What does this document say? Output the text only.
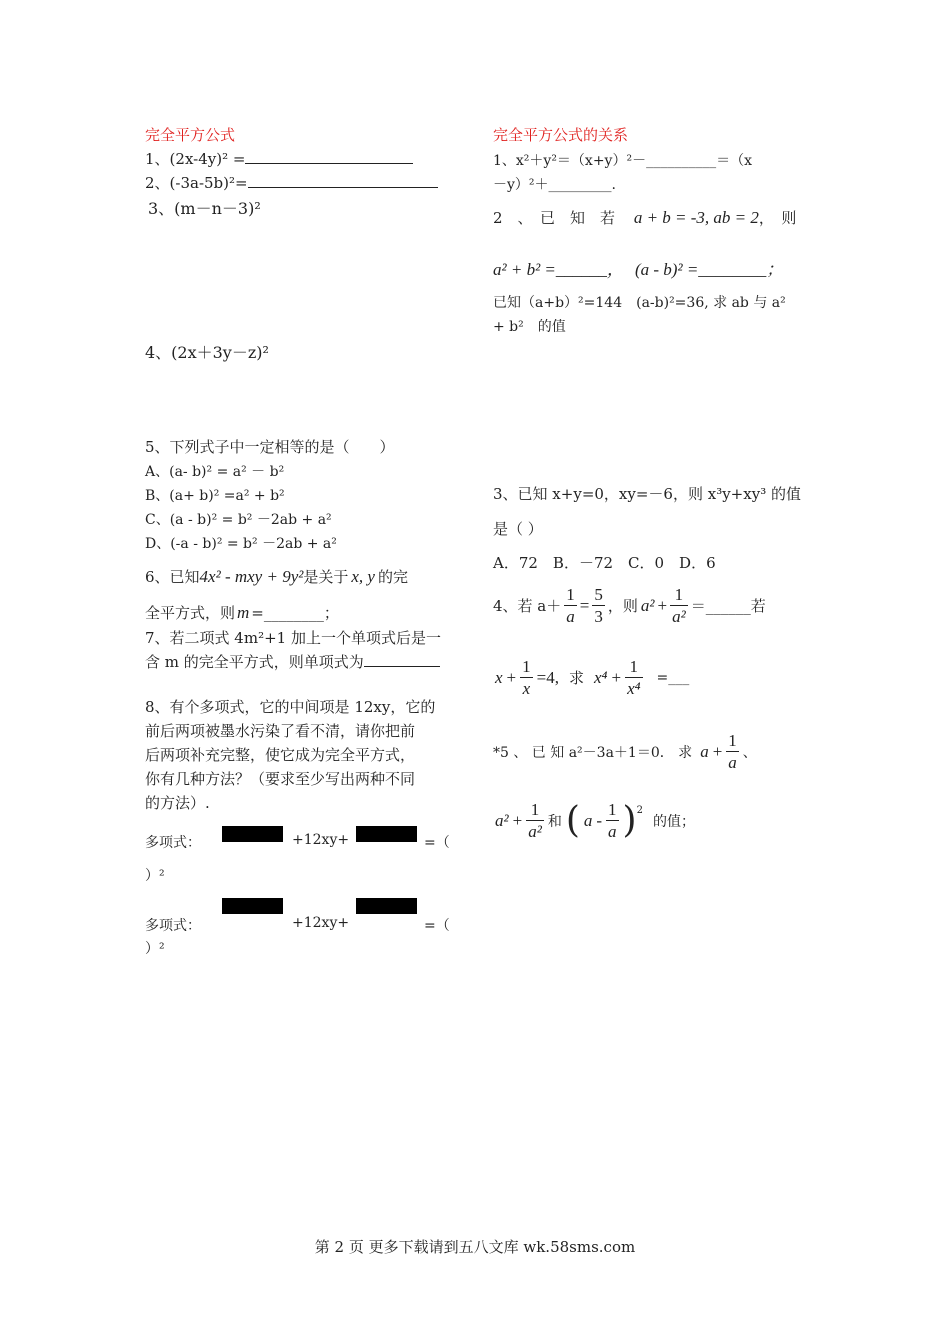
完全平方公式
1、(2x-4y)² =
2、(-3a-5b)²=
3、(m－n－3)²
4、(2x＋3y－z)²
5、下列式子中一定相等的是（　　）
A、(a- b)² = a² － b²
B、(a+ b)² =a² + b²
C、(a - b)² = b² －2ab + a²
D、(-a - b)² = b² －2ab + a²
6、已知4x² - mxy + 9y²是关于 x, y 的完
全平方式，则 m =________；
7、若二项式 4m²+1 加上一个单项式后是一
含 m 的完全平方式，则单项式为
8、有个多项式，它的中间项是 12xy，它的
前后两项被墨水污染了看不清，请你把前
后两项补充完整，使它成为完全平方式，
你有几种方法？（要求至少写出两种不同
的方法）.
多项式：	+12xy+	=（
）²
多项式：	+12xy+	=（
）²
完全平方公式的关系
1、x²＋y²＝（x+y）²－__________＝（x
－y）²＋_________.
2　、　已　知　若 a + b = -3, ab = 2，　则
a² + b² =______， (a - b)² =________；
已知（a+b）²=144　(a-b)²=36, 求 ab 与 a²
+ b²　的值
3、已知 x+y=0，xy=－6，则 x³y+xy³ 的值
是（ ）
A．72　B．－72　C．0　D．6
4、若 $a+ \frac{1}{a} = \frac{5}{3}$ ，则 $a^2 + \frac{1}{\text{a²}}$ ＝______若
$x + \frac{1}{x} =4$, 求 $x^4 + \frac{1}{\text{x⁴}}$ =___
*5 、 已 知 a²－3a＋1＝0． 求 $a + \frac{1}{a}$ 、
$a^2 + \frac{1}{\text{a²}}$ 和 ( a - $\frac{1}{a}$ ) 2
的值；
第 2 页 更多下载请到五八文库 wk.58sms.com
